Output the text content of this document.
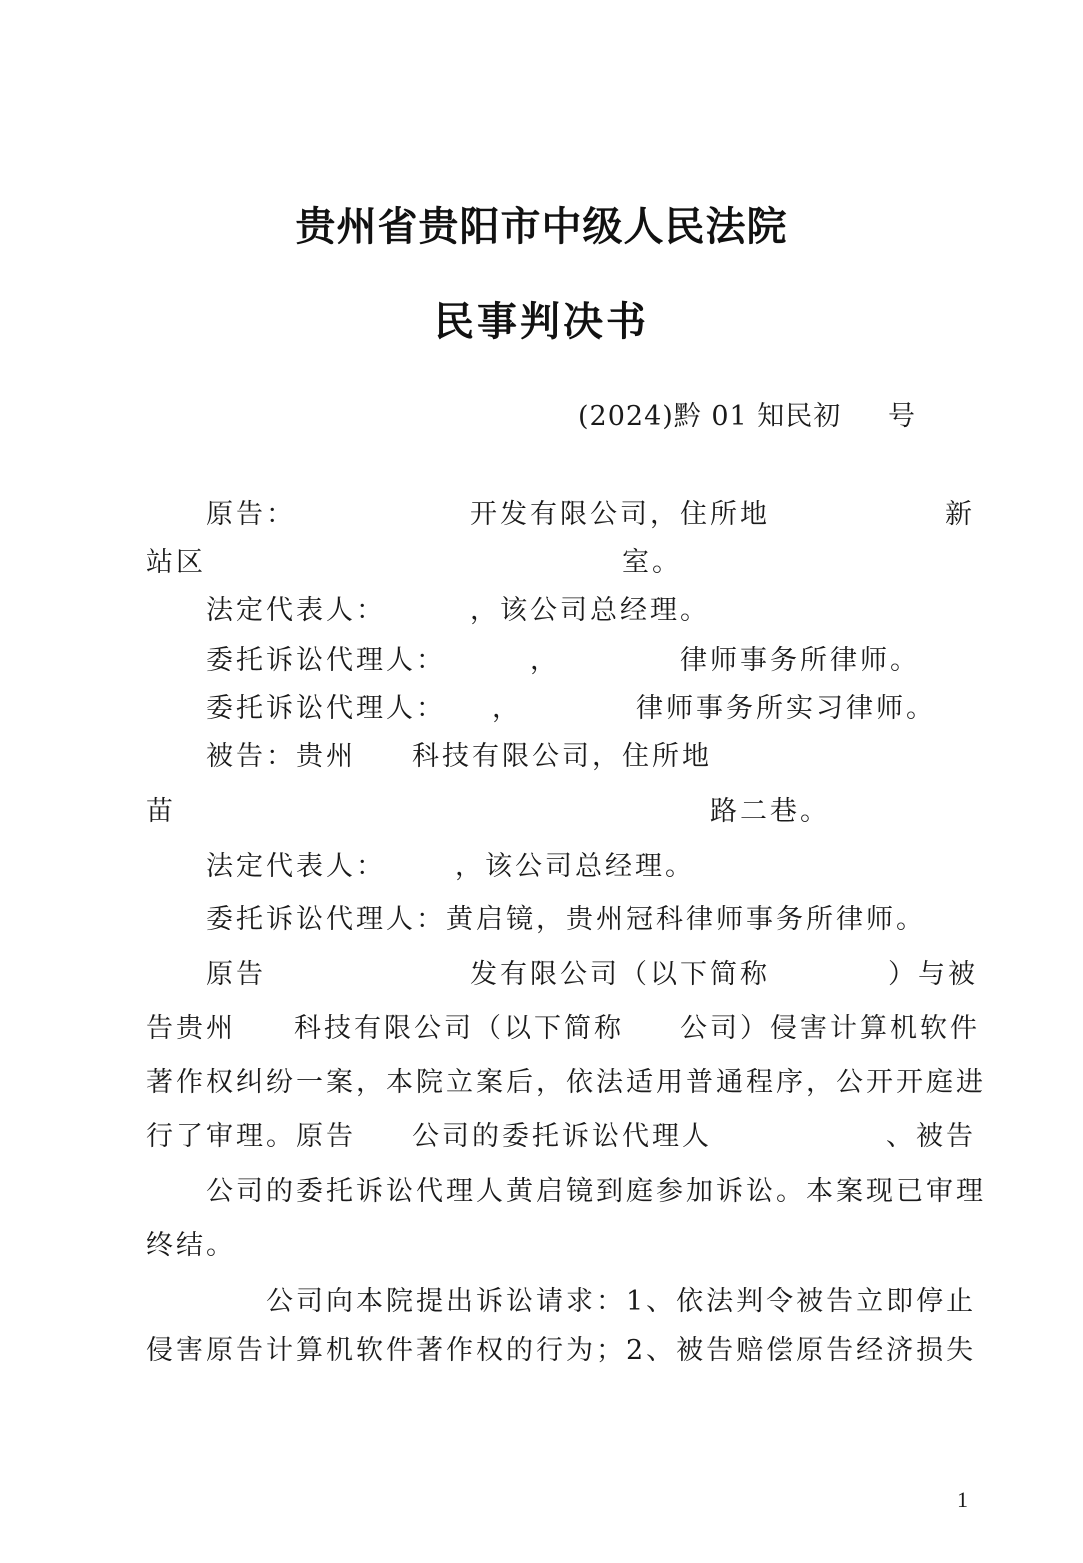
贵州省贵阳市中级人民法院
民事判决书
(2024)黔 01 知民初 号
原告：	开发有限公司，住所地	新
站区	室。
法定代表人：	，该公司总经理。
委托诉讼代理人：	，	律师事务所律师。
委托诉讼代理人： ，	律师事务所实习律师。
被告：贵州 科技有限公司，住所地
苗	路二巷。
法定代表人：	，该公司总经理。
委托诉讼代理人：黄启镜，贵州冠科律师事务所律师。
原告	发有限公司（以下简称	）与被
告贵州 科技有限公司（以下简称 公司）侵害计算机软件
著作权纠纷一案，本院立案后，依法适用普通程序，公开开庭进
行了审理。原告 公司的委托诉讼代理人	、被告
公司的委托诉讼代理人黄启镜到庭参加诉讼。本案现已审理
终结。
公司向本院提出诉讼请求：1、依法判令被告立即停止
侵害原告计算机软件著作权的行为；2、被告赔偿原告经济损失
1
